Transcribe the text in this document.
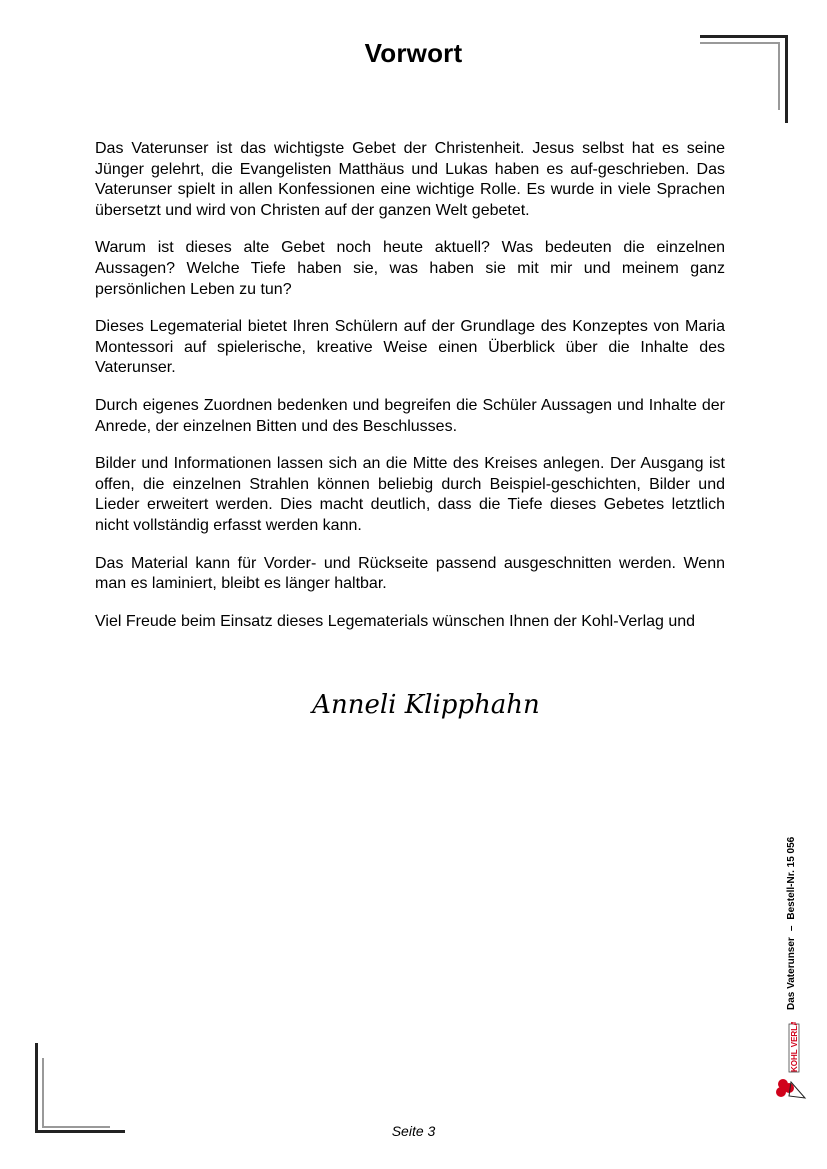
Vorwort

Das Vaterunser ist das wichtigste Gebet der Christenheit. Jesus selbst hat es seine Jünger gelehrt, die Evangelisten Matthäus und Lukas haben es auf-geschrieben. Das Vaterunser spielt in allen Konfessionen eine wichtige Rolle. Es wurde in viele Sprachen übersetzt und wird von Christen auf der ganzen Welt gebetet.

Warum ist dieses alte Gebet noch heute aktuell? Was bedeuten die einzelnen Aussagen? Welche Tiefe haben sie, was haben sie mit mir und meinem ganz persönlichen Leben zu tun?

Dieses Legematerial bietet Ihren Schülern auf der Grundlage des Konzeptes von Maria Montessori auf spielerische, kreative Weise einen Überblick über die Inhalte des Vaterunser.

Durch eigenes Zuordnen bedenken und begreifen die Schüler Aussagen und Inhalte der Anrede, der einzelnen Bitten und des Beschlusses.

Bilder und Informationen lassen sich an die Mitte des Kreises anlegen. Der Ausgang ist offen, die einzelnen Strahlen können beliebig durch Beispiel-geschichten, Bilder und Lieder erweitert werden. Dies macht deutlich, dass die Tiefe dieses Gebetes letztlich nicht vollständig erfasst werden kann.

Das Material kann für Vorder- und Rückseite passend ausgeschnitten werden. Wenn man es laminiert, bleibt es länger haltbar.

Viel Freude beim Einsatz dieses Legematerials wünschen Ihnen der Kohl-Verlag und

Anneli Klipphahn
Das Vaterunser–Bestell-Nr. 15 056
KOHL VERLAG
Seite 3
